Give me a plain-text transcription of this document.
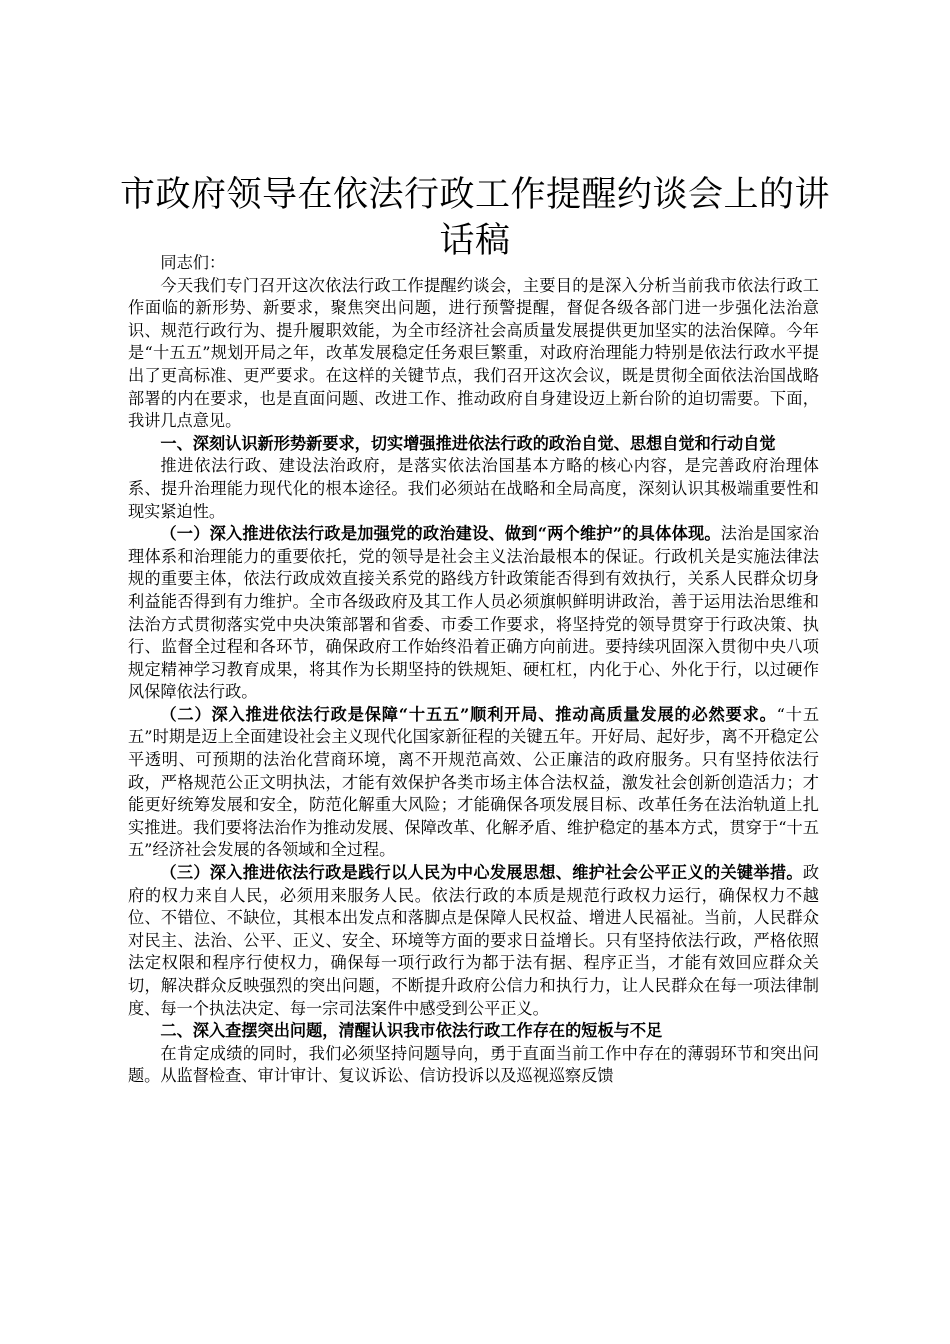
市政府领导在依法行政工作提醒约谈会上的讲
话稿

同志们：

今天我们专门召开这次依法行政工作提醒约谈会，主要目的是深入分析当前我市依法行政工作面临的新形势、新要求，聚焦突出问题，进行预警提醒，督促各级各部门进一步强化法治意识、规范行政行为、提升履职效能，为全市经济社会高质量发展提供更加坚实的法治保障。今年是“十五五”规划开局之年，改革发展稳定任务艰巨繁重，对政府治理能力特别是依法行政水平提出了更高标准、更严要求。在这样的关键节点，我们召开这次会议，既是贯彻全面依法治国战略部署的内在要求，也是直面问题、改进工作、推动政府自身建设迈上新台阶的迫切需要。下面，我讲几点意见。

一、深刻认识新形势新要求，切实增强推进依法行政的政治自觉、思想自觉和行动自觉

推进依法行政、建设法治政府，是落实依法治国基本方略的核心内容，是完善政府治理体系、提升治理能力现代化的根本途径。我们必须站在战略和全局高度，深刻认识其极端重要性和现实紧迫性。

（一）深入推进依法行政是加强党的政治建设、做到“两个维护”的具体体现。法治是国家治理体系和治理能力的重要依托，党的领导是社会主义法治最根本的保证。行政机关是实施法律法规的重要主体，依法行政成效直接关系党的路线方针政策能否得到有效执行，关系人民群众切身利益能否得到有力维护。全市各级政府及其工作人员必须旗帜鲜明讲政治，善于运用法治思维和法治方式贯彻落实党中央决策部署和省委、市委工作要求，将坚持党的领导贯穿于行政决策、执行、监督全过程和各环节，确保政府工作始终沿着正确方向前进。要持续巩固深入贯彻中央八项规定精神学习教育成果，将其作为长期坚持的铁规矩、硬杠杠，内化于心、外化于行，以过硬作风保障依法行政。

（二）深入推进依法行政是保障“十五五”顺利开局、推动高质量发展的必然要求。“十五五”时期是迈上全面建设社会主义现代化国家新征程的关键五年。开好局、起好步，离不开稳定公平透明、可预期的法治化营商环境，离不开规范高效、公正廉洁的政府服务。只有坚持依法行政，严格规范公正文明执法，才能有效保护各类市场主体合法权益，激发社会创新创造活力；才能更好统筹发展和安全，防范化解重大风险；才能确保各项发展目标、改革任务在法治轨道上扎实推进。我们要将法治作为推动发展、保障改革、化解矛盾、维护稳定的基本方式，贯穿于“十五五”经济社会发展的各领域和全过程。

（三）深入推进依法行政是践行以人民为中心发展思想、维护社会公平正义的关键举措。政府的权力来自人民，必须用来服务人民。依法行政的本质是规范行政权力运行，确保权力不越位、不错位、不缺位，其根本出发点和落脚点是保障人民权益、增进人民福祉。当前，人民群众对民主、法治、公平、正义、安全、环境等方面的要求日益增长。只有坚持依法行政，严格依照法定权限和程序行使权力，确保每一项行政行为都于法有据、程序正当，才能有效回应群众关切，解决群众反映强烈的突出问题，不断提升政府公信力和执行力，让人民群众在每一项法律制度、每一个执法决定、每一宗司法案件中感受到公平正义。

二、深入查摆突出问题，清醒认识我市依法行政工作存在的短板与不足

在肯定成绩的同时，我们必须坚持问题导向，勇于直面当前工作中存在的薄弱环节和突出问题。从监督检查、审计审计、复议诉讼、信访投诉以及巡视巡察反馈
